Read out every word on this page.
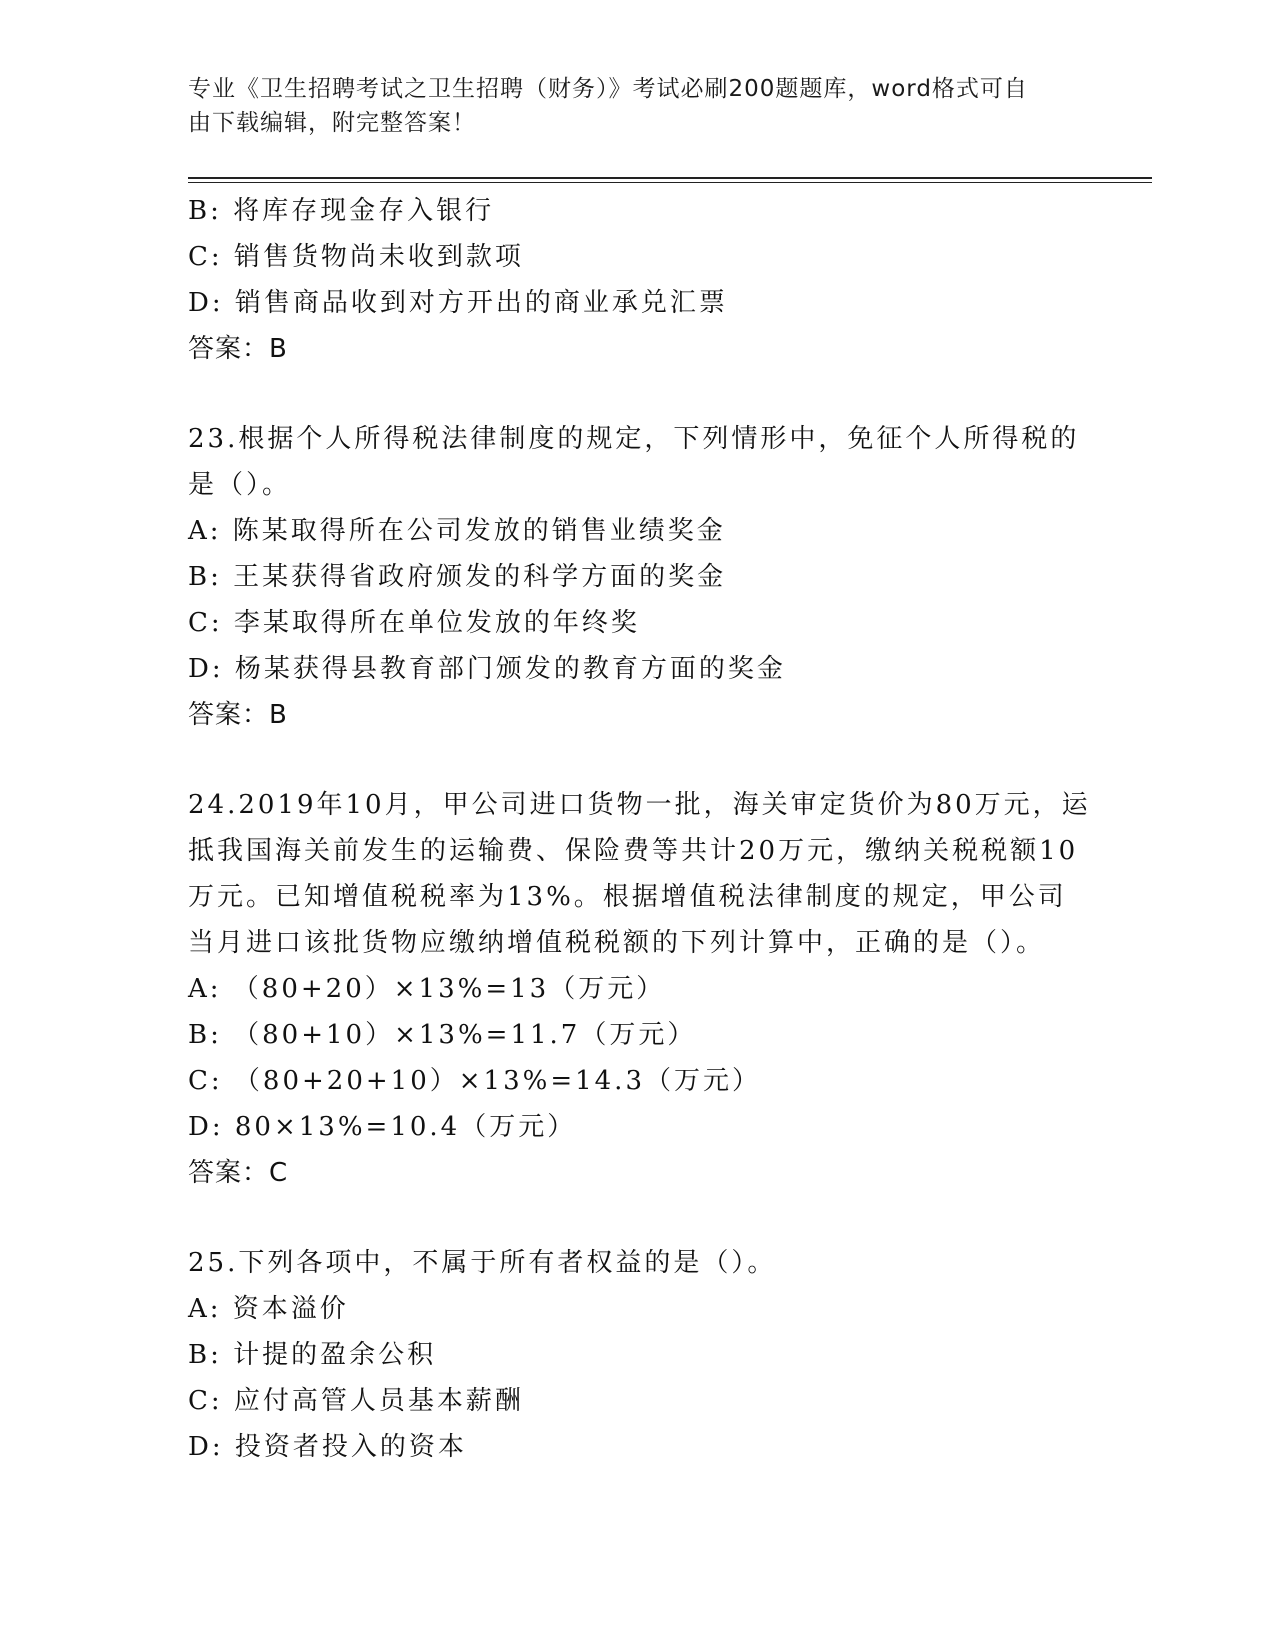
专业《卫生招聘考试之卫生招聘（财务）》考试必刷200题题库，word格式可自
由下载编辑，附完整答案！
B: 将库存现金存入银行
C: 销售货物尚未收到款项
D: 销售商品收到对方开出的商业承兑汇票
答案：B
23.根据个人所得税法律制度的规定，下列情形中，免征个人所得税的
是（）。
A: 陈某取得所在公司发放的销售业绩奖金
B: 王某获得省政府颁发的科学方面的奖金
C: 李某取得所在单位发放的年终奖
D: 杨某获得县教育部门颁发的教育方面的奖金
答案：B
24.2019年10月，甲公司进口货物一批，海关审定货价为80万元，运
抵我国海关前发生的运输费、保险费等共计20万元，缴纳关税税额10
万元。已知增值税税率为13%。根据增值税法律制度的规定，甲公司
当月进口该批货物应缴纳增值税税额的下列计算中，正确的是（）。
A: （80+20）×13%=13（万元）
B: （80+10）×13%=11.7（万元）
C: （80+20+10）×13%=14.3（万元）
D: 80×13%=10.4（万元）
答案：C
25.下列各项中，不属于所有者权益的是（）。
A: 资本溢价
B: 计提的盈余公积
C: 应付高管人员基本薪酬
D: 投资者投入的资本
